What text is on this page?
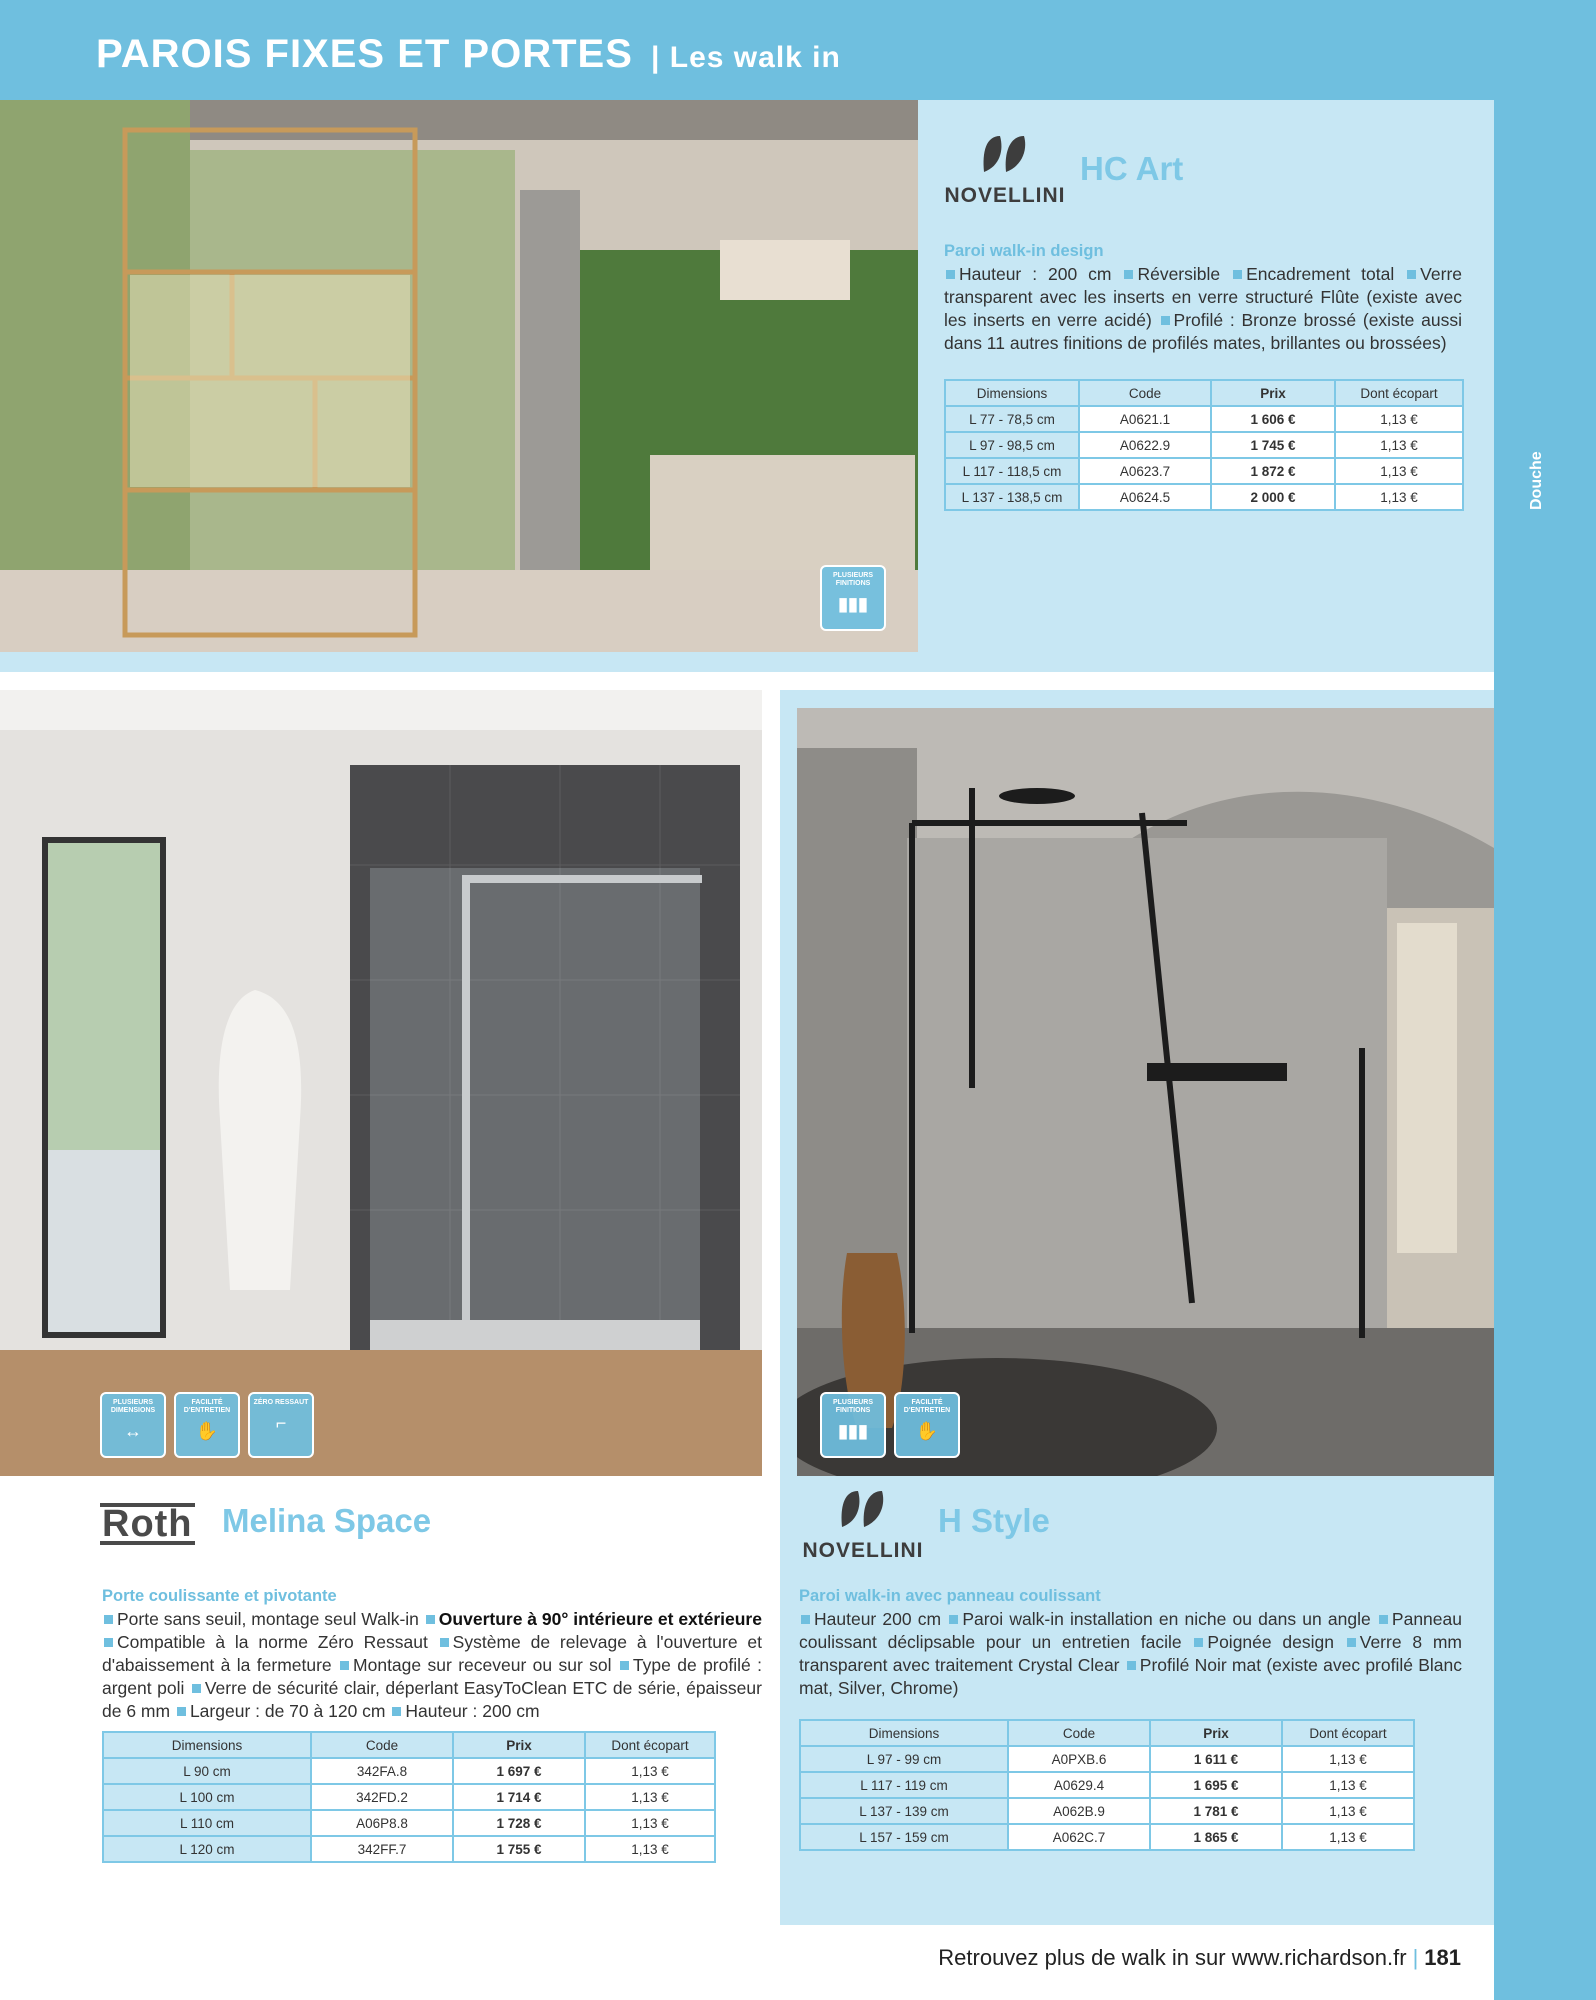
PAROIS FIXES ET PORTES | Les walk in
Douche
PLUSIEURS FINITIONS
▮▮▮
NOVELLINI
HC Art
Paroi walk-in design
Hauteur : 200 cm Réversible Encadrement total Verre transparent avec les inserts en verre structuré Flûte (existe avec les inserts en verre acidé) Profilé : Bronze brossé (existe aussi dans 11 autres finitions de profilés mates, brillantes ou brossées)
Dimensions	Code	Prix	Dont écopart
L 77 - 78,5 cm	A0621.1	1 606 €	1,13 €
L 97 - 98,5 cm	A0622.9	1 745 €	1,13 €
L 117 - 118,5 cm	A0623.7	1 872 €	1,13 €
L 137 - 138,5 cm	A0624.5	2 000 €	1,13 €
PLUSIEURS DIMENSIONS
↔
FACILITÉ D'ENTRETIEN
✋
ZÉRO RESSAUT
⌐
Roth Melina Space
Porte coulissante et pivotante
Porte sans seuil, montage seul Walk-in Ouverture à 90° intérieure et extérieure Compatible à la norme Zéro Ressaut Système de relevage à l'ouverture et d'abaissement à la fermeture Montage sur receveur ou sur sol Type de profilé : argent poli Verre de sécurité clair, déperlant EasyToClean ETC de série, épaisseur de 6 mm Largeur : de 70 à 120 cm Hauteur : 200 cm
Dimensions	Code	Prix	Dont écopart
L 90 cm	342FA.8	1 697 €	1,13 €
L 100 cm	342FD.2	1 714 €	1,13 €
L 110 cm	A06P8.8	1 728 €	1,13 €
L 120 cm	342FF.7	1 755 €	1,13 €
PLUSIEURS FINITIONS
▮▮▮
FACILITÉ D'ENTRETIEN
✋
NOVELLINI
H Style
Paroi walk-in avec panneau coulissant
Hauteur 200 cm Paroi walk-in installation en niche ou dans un angle Panneau coulissant déclipsable pour un entretien facile Poignée design Verre 8 mm transparent avec traitement Crystal Clear Profilé Noir mat (existe avec profilé Blanc mat, Silver, Chrome)
Dimensions	Code	Prix	Dont écopart
L 97 - 99 cm	A0PXB.6	1 611 €	1,13 €
L 117 - 119 cm	A0629.4	1 695 €	1,13 €
L 137 - 139 cm	A062B.9	1 781 €	1,13 €
L 157 - 159 cm	A062C.7	1 865 €	1,13 €
Retrouvez plus de walk in sur www.richardson.fr | 181
